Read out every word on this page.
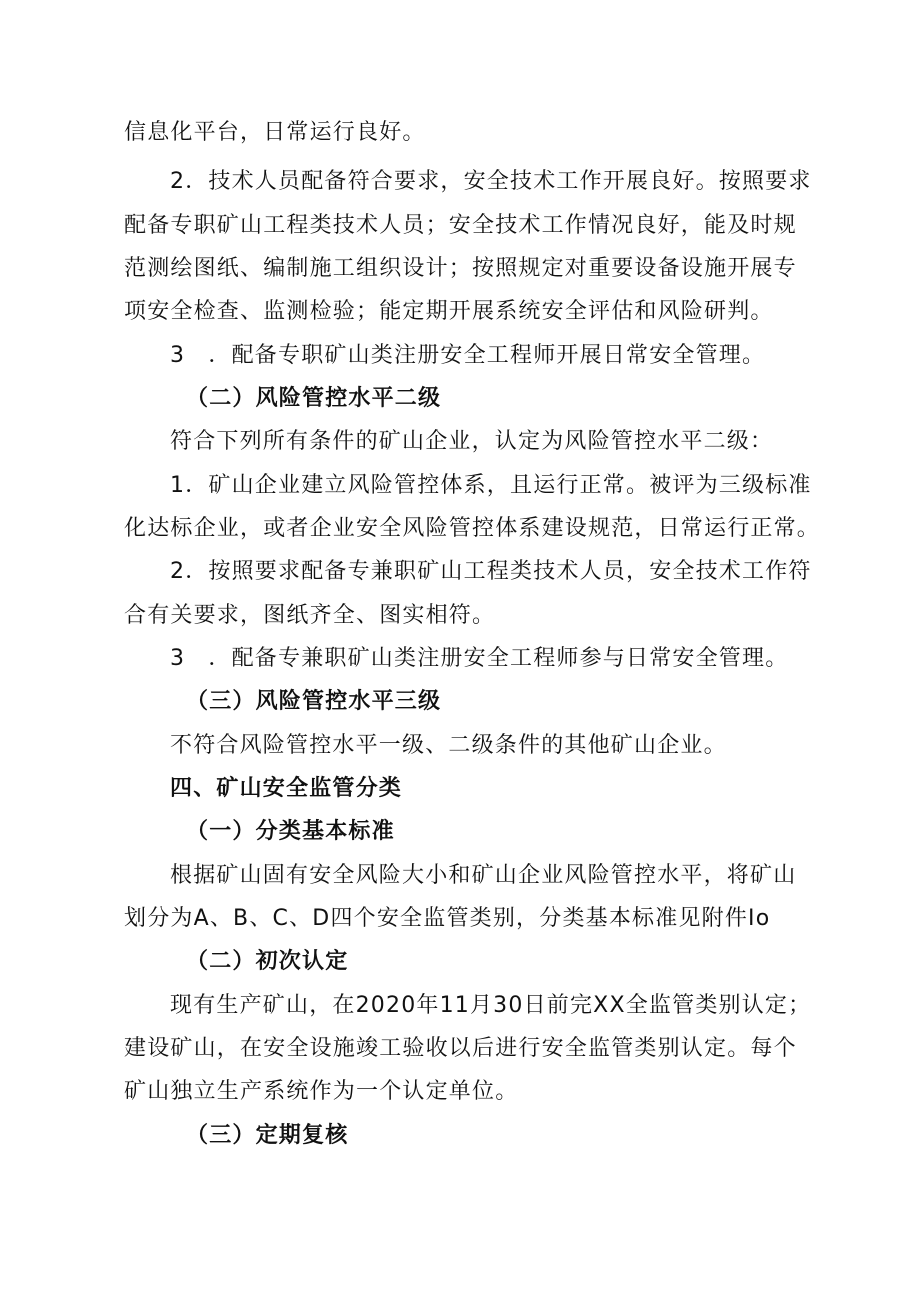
信息化平台，日常运行良好。
2．技术人员配备符合要求，安全技术工作开展良好。按照要求
配备专职矿山工程类技术人员；安全技术工作情况良好，能及时规
范测绘图纸、编制施工组织设计；按照规定对重要设备设施开展专
项安全检查、监测检验；能定期开展系统安全评估和风险研判。
3　．配备专职矿山类注册安全工程师开展日常安全管理。
（二）风险管控水平二级
符合下列所有条件的矿山企业，认定为风险管控水平二级：
1．矿山企业建立风险管控体系，且运行正常。被评为三级标准
化达标企业，或者企业安全风险管控体系建设规范，日常运行正常。
2．按照要求配备专兼职矿山工程类技术人员，安全技术工作符
合有关要求，图纸齐全、图实相符。
3　．配备专兼职矿山类注册安全工程师参与日常安全管理。
（三）风险管控水平三级
不符合风险管控水平一级、二级条件的其他矿山企业。
四、矿山安全监管分类
（一）分类基本标准
根据矿山固有安全风险大小和矿山企业风险管控水平，将矿山
划分为A、B、C、D四个安全监管类别，分类基本标准见附件Io
（二）初次认定
现有生产矿山，在2020年11月30日前完XX全监管类别认定；
建设矿山，在安全设施竣工验收以后进行安全监管类别认定。每个
矿山独立生产系统作为一个认定单位。
（三）定期复核
